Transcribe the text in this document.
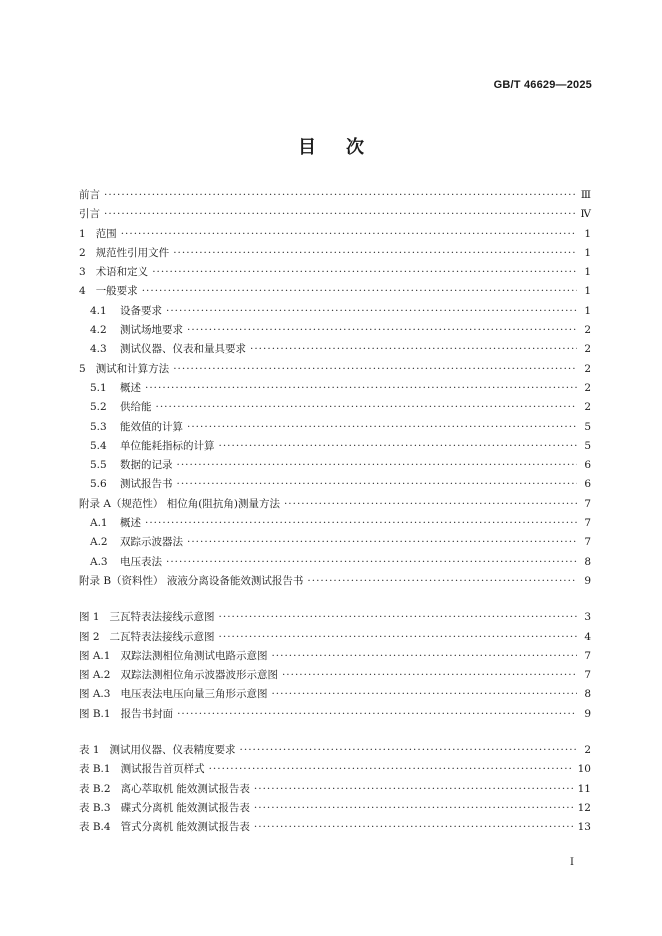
GB/T 46629—2025
目次
前言 ·····	Ⅲ
引言 ·····	Ⅳ
1 范围 ·····	1
2 规范性引用文件 ·····	1
3 术语和定义 ·····	1
4 一般要求 ·····	1
4.1 设备要求 ·····	1
4.2 测试场地要求 ·····	2
4.3 测试仪器、仪表和量具要求 ·····	2
5 测试和计算方法 ·····	2
5.1 概述 ·····	2
5.2 供给能 ·····	2
5.3 能效值的计算 ·····	5
5.4 单位能耗指标的计算 ·····	5
5.5 数据的记录 ·····	6
5.6 测试报告书 ·····	6
附录 A（规范性） 相位角(阻抗角)测量方法 ·····	7
A.1 概述 ·····	7
A.2 双踪示波器法 ·····	7
A.3 电压表法 ·····	8
附录 B（资料性） 液液分离设备能效测试报告书 ·····	9
图 1 三瓦特表法接线示意图 ·····	3
图 2 二瓦特表法接线示意图 ·····	4
图 A.1 双踪法测相位角测试电路示意图 ·····	7
图 A.2 双踪法测相位角示波器波形示意图 ·····	7
图 A.3 电压表法电压向量三角形示意图 ·····	8
图 B.1 报告书封面 ·····	9
表 1 测试用仪器、仪表精度要求 ·····	2
表 B.1 测试报告首页样式 ·····	10
表 B.2 离心萃取机 能效测试报告表 ·····	11
表 B.3 碟式分离机 能效测试报告表 ·····	12
表 B.4 管式分离机 能效测试报告表 ·····	13
I
